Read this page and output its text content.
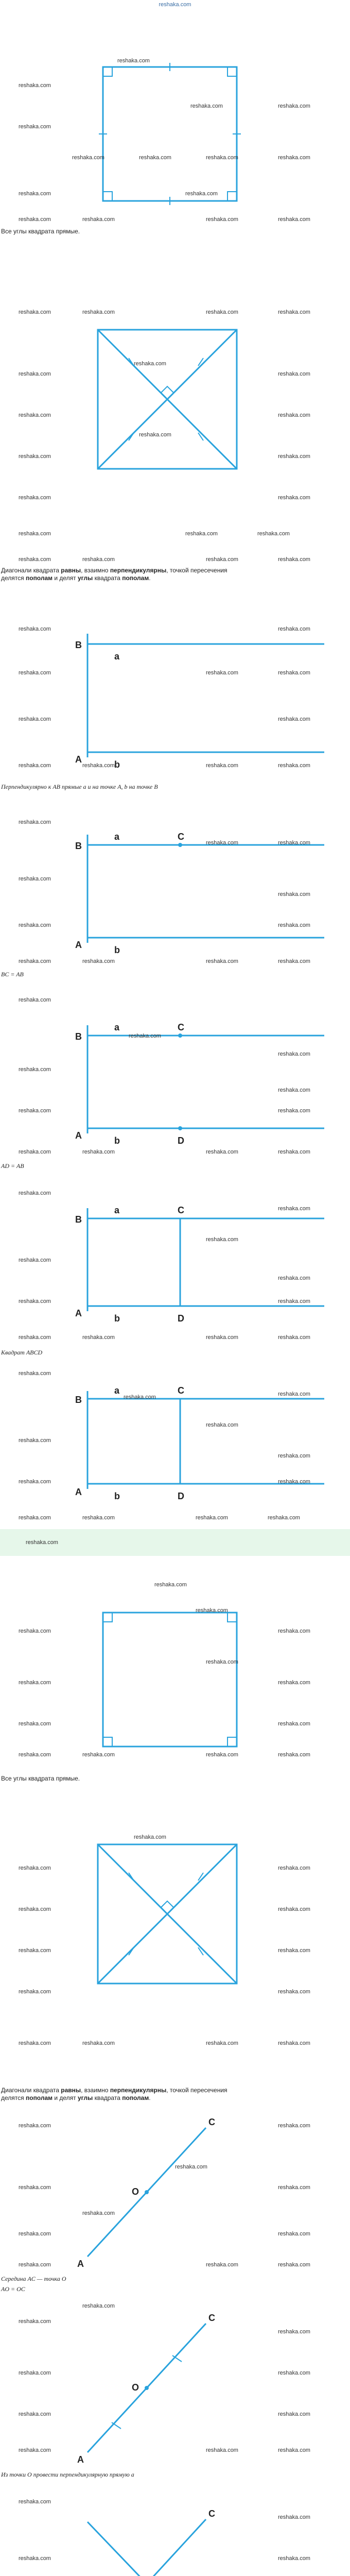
reshaka.com
reshaka.com
reshaka.com
reshaka.com	reshaka.com
reshaka.com
reshaka.com	reshaka.com	reshaka.com	reshaka.com
reshaka.com	reshaka.com
reshaka.com	reshaka.com	reshaka.com	reshaka.com
Все углы квадрата прямые.
reshaka.com	reshaka.com	reshaka.com	reshaka.com
reshaka.com
reshaka.com	reshaka.com
reshaka.com	reshaka.com
reshaka.com
reshaka.com	reshaka.com
reshaka.com	reshaka.com
reshaka.com	reshaka.com	reshaka.com
reshaka.com	reshaka.com	reshaka.com	reshaka.com
Диагонали квадрата равны, взаимно перпендикулярны, точкой пересечения
делятся пополам и делят углы квадрата пополам.
B
A
a
b
reshaka.com	reshaka.com
reshaka.com	reshaka.com	reshaka.com
reshaka.com	reshaka.com
reshaka.com	reshaka.com	reshaka.com	reshaka.com
Перпендикулярно к AB прямые a и на точке A, b на точке B
B
A
a
b
C
reshaka.com
reshaka.com	reshaka.com
reshaka.com
reshaka.com
reshaka.com	reshaka.com
reshaka.com	reshaka.com	reshaka.com	reshaka.com
BC = AB
B
A
a
b
C
D
reshaka.com
reshaka.com
reshaka.com
reshaka.com
reshaka.com
reshaka.com	reshaka.com
reshaka.com	reshaka.com	reshaka.com	reshaka.com
AD = AB
B
A
a
b
C
D
reshaka.com
reshaka.com
reshaka.com
reshaka.com
reshaka.com
reshaka.com	reshaka.com
reshaka.com	reshaka.com	reshaka.com	reshaka.com
Квадрат ABCD
B
A
a
b
C
D
reshaka.com
reshaka.com	reshaka.com
reshaka.com
reshaka.com
reshaka.com
reshaka.com	reshaka.com
reshaka.com	reshaka.com	reshaka.com	reshaka.com
reshaka.com
reshaka.com
reshaka.com
reshaka.com	reshaka.com
reshaka.com
reshaka.com	reshaka.com
reshaka.com	reshaka.com
reshaka.com	reshaka.com	reshaka.com	reshaka.com
Все углы квадрата прямые.
reshaka.com
reshaka.com	reshaka.com
reshaka.com	reshaka.com
reshaka.com	reshaka.com
reshaka.com	reshaka.com
reshaka.com	reshaka.com	reshaka.com	reshaka.com
Диагонали квадрата равны, взаимно перпендикулярны, точкой пересечения
делятся пополам и делят углы квадрата пополам.
A
C
O
reshaka.com	reshaka.com
reshaka.com
reshaka.com	reshaka.com
reshaka.com
reshaka.com	reshaka.com
reshaka.com	reshaka.com	reshaka.com
Середина AC — точка O
AO = OC
A
C
O
reshaka.com
reshaka.com
reshaka.com
reshaka.com	reshaka.com
reshaka.com	reshaka.com
reshaka.com	reshaka.com	reshaka.com
Из точки O провести перпендикулярную прямую a
C
reshaka.com
reshaka.com
reshaka.com	reshaka.com
